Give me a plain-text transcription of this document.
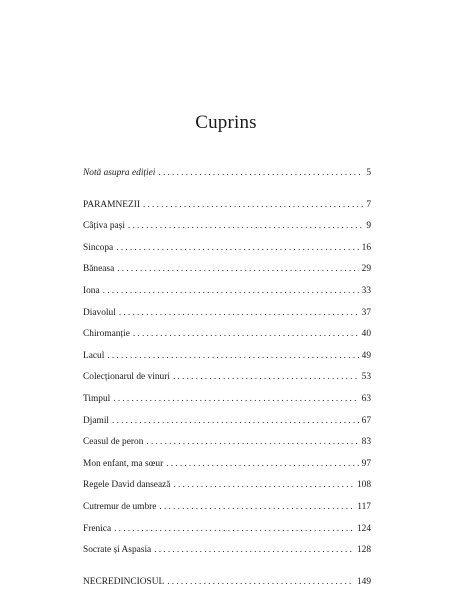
Cuprins
Notă asupra ediției .....	5
PARAMNEZII .....	7
Câțiva pași .....	9
Sincopa .....	16
Băneasa .....	29
Iona .....	33
Diavolul .....	37
Chiromanție .....	40
Lacul .....	49
Colecționarul de vinuri .....	53
Timpul .....	63
Djamil .....	67
Ceasul de peron .....	83
Mon enfant, ma sœur .....	97
Regele David dansează .....	108
Cutremur de umbre .....	117
Frenica .....	124
Socrate și Aspasia .....	128
NECREDINCIOSUL .....	149
